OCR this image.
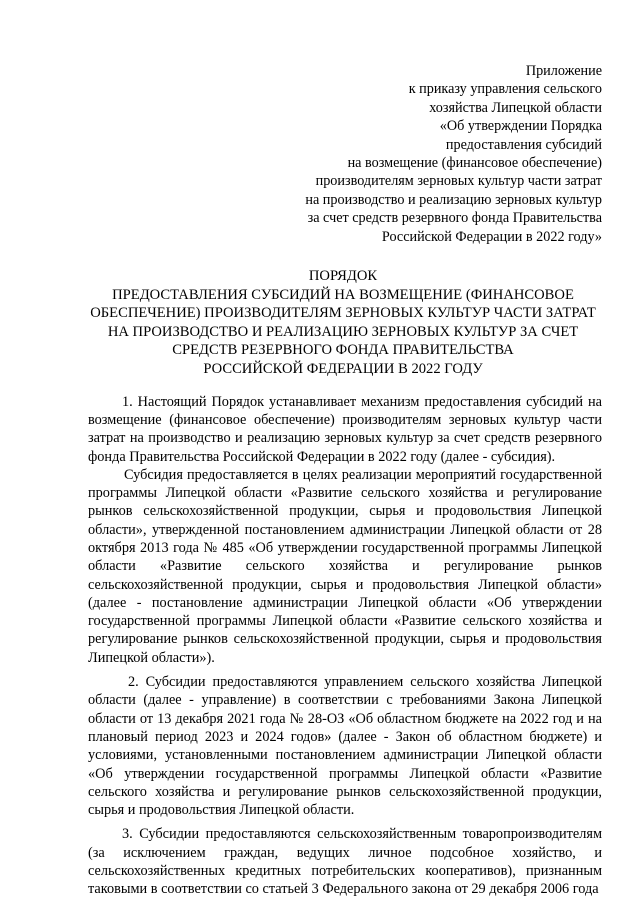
Приложение
к приказу управления сельского
хозяйства Липецкой области
«Об утверждении Порядка
предоставления субсидий
на возмещение (финансовое обеспечение)
производителям зерновых культур части затрат
на производство и реализацию зерновых культур
за счет средств резервного фонда Правительства
Российской Федерации в 2022 году»
ПОРЯДОК
ПРЕДОСТАВЛЕНИЯ СУБСИДИЙ НА ВОЗМЕЩЕНИЕ (ФИНАНСОВОЕ
ОБЕСПЕЧЕНИЕ) ПРОИЗВОДИТЕЛЯМ ЗЕРНОВЫХ КУЛЬТУР ЧАСТИ ЗАТРАТ
НА ПРОИЗВОДСТВО И РЕАЛИЗАЦИЮ ЗЕРНОВЫХ КУЛЬТУР ЗА СЧЕТ
СРЕДСТВ РЕЗЕРВНОГО ФОНДА ПРАВИТЕЛЬСТВА
РОССИЙСКОЙ ФЕДЕРАЦИИ В 2022 ГОДУ

1. Настоящий Порядок устанавливает механизм предоставления субсидий на возмещение (финансовое обеспечение) производителям зерновых культур части затрат на производство и реализацию зерновых культур за счет средств резервного фонда Правительства Российской Федерации в 2022 году (далее - субсидия).

Субсидия предоставляется в целях реализации мероприятий государственной программы Липецкой области «Развитие сельского хозяйства и регулирование рынков сельскохозяйственной продукции, сырья и продовольствия Липецкой области», утвержденной постановлением администрации Липецкой области от 28 октября 2013 года № 485 «Об утверждении государственной программы Липецкой области «Развитие сельского хозяйства и регулирование рынков сельскохозяйственной продукции, сырья и продовольствия Липецкой области» (далее - постановление администрации Липецкой области «Об утверждении государственной программы Липецкой области «Развитие сельского хозяйства и регулирование рынков сельскохозяйственной продукции, сырья и продовольствия Липецкой области»).

2. Субсидии предоставляются управлением сельского хозяйства Липецкой области (далее - управление) в соответствии с требованиями Закона Липецкой области от 13 декабря 2021 года № 28-ОЗ «Об областном бюджете на 2022 год и на плановый период 2023 и 2024 годов» (далее - Закон об областном бюджете) и условиями, установленными постановлением администрации Липецкой области «Об утверждении государственной программы Липецкой области «Развитие сельского хозяйства и регулирование рынков сельскохозяйственной продукции, сырья и продовольствия Липецкой области.

3. Субсидии предоставляются сельскохозяйственным товаропроизводителям (за исключением граждан, ведущих личное подсобное хозяйство, и сельскохозяйственных кредитных потребительских кооперативов), признанным таковыми в соответствии со статьей 3 Федерального закона от 29 декабря 2006 года
